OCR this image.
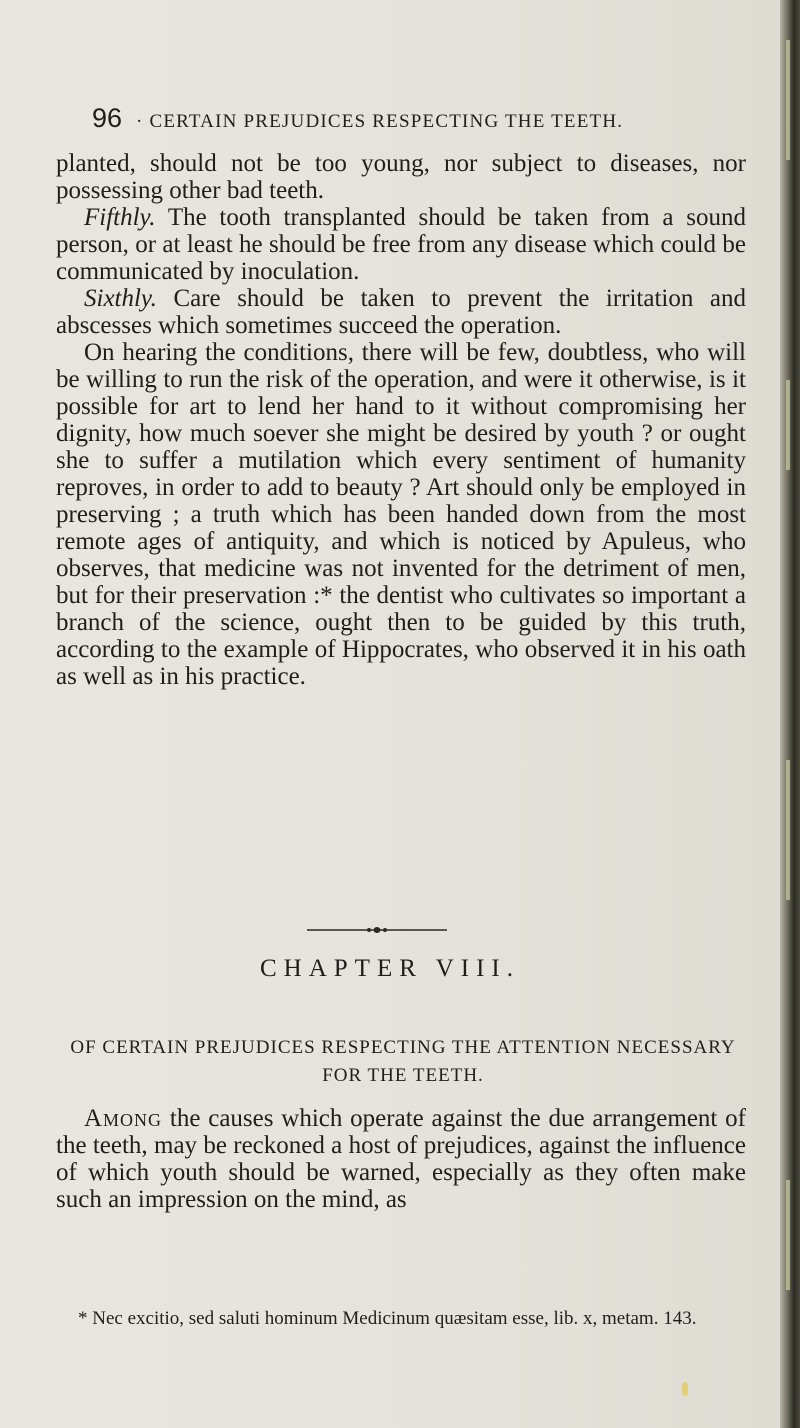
96 · CERTAIN PREJUDICES RESPECTING THE TEETH.

planted, should not be too young, nor subject to diseases, nor possessing other bad teeth.

Fifthly. The tooth transplanted should be taken from a sound person, or at least he should be free from any disease which could be communicated by inoculation.

Sixthly. Care should be taken to prevent the irritation and abscesses which sometimes succeed the operation.

On hearing the conditions, there will be few, doubtless, who will be willing to run the risk of the operation, and were it otherwise, is it possible for art to lend her hand to it without compromising her dignity, how much soever she might be desired by youth ? or ought she to suffer a mutilation which every sentiment of humanity reproves, in order to add to beauty ? Art should only be employed in preserving ; a truth which has been handed down from the most remote ages of antiquity, and which is noticed by Apuleus, who observes, that medicine was not invented for the detriment of men, but for their preservation :* the dentist who cultivates so important a branch of the science, ought then to be guided by this truth, according to the example of Hippocrates, who observed it in his oath as well as in his practice.

CHAPTER VIII.
OF CERTAIN PREJUDICES RESPECTING THE ATTENTION NECESSARY FOR THE TEETH.

Among the causes which operate against the due arrangement of the teeth, may be reckoned a host of prejudices, against the influence of which youth should be warned, especially as they often make such an impression on the mind, as

* Nec excitio, sed saluti hominum Medicinum quæsitam esse, lib. x, metam. 143.
